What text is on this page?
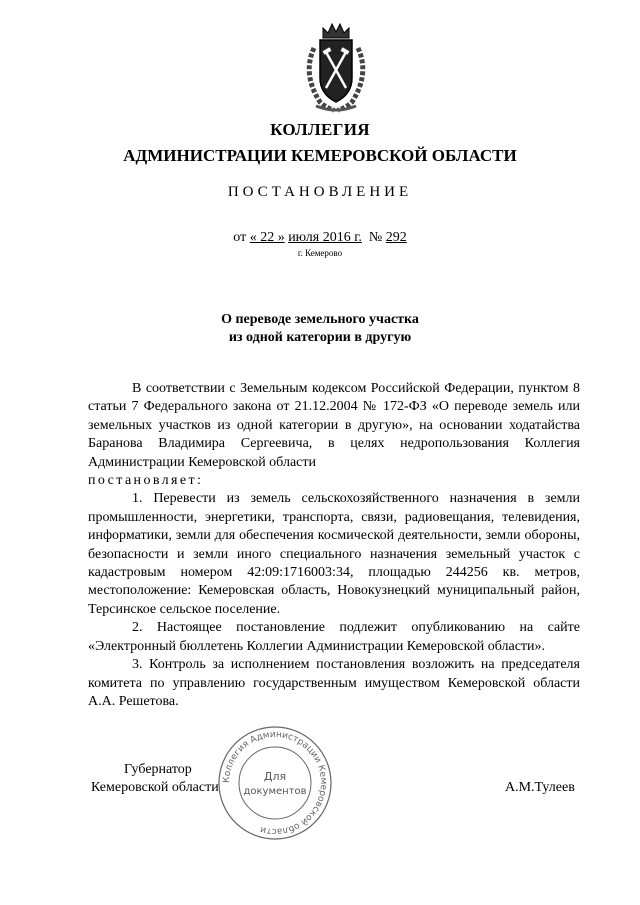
КОЛЛЕГИЯ
АДМИНИСТРАЦИИ КЕМЕРОВСКОЙ ОБЛАСТИ
ПОСТАНОВЛЕНИЕ
от « 22 » июля 2016 г. № 292
г. Кемерово
О переводе земельного участка
из одной категории в другую

В соответствии с Земельным кодексом Российской Федерации, пунктом 8 статьи 7 Федерального закона от 21.12.2004 № 172-ФЗ «О переводе земель или земельных участков из одной категории в другую», на основании ходатайства Баранова Владимира Сергеевича, в целях недропользования Коллегия Администрации Кемеровской области

постановляет:

1. Перевести из земель сельскохозяйственного назначения в земли промышленности, энергетики, транспорта, связи, радиовещания, телевидения, информатики, земли для обеспечения космической деятельности, земли обороны, безопасности и земли иного специального назначения земельный участок с кадастровым номером 42:09:1716003:34, площадью 244256 кв. метров, местоположение: Кемеровская область, Новокузнецкий муниципальный район, Терсинское сельское поселение.

2. Настоящее постановление подлежит опубликованию на сайте «Электронный бюллетень Коллегии Администрации Кемеровской области».

3. Контроль за исполнением постановления возложить на председателя комитета по управлению государственным имуществом Кемеровской области А.А. Решетова.

Губернатор
Кемеровской области	А.М.Тулеев
Коллегия Администрации Кемеровской области
Для
документов
